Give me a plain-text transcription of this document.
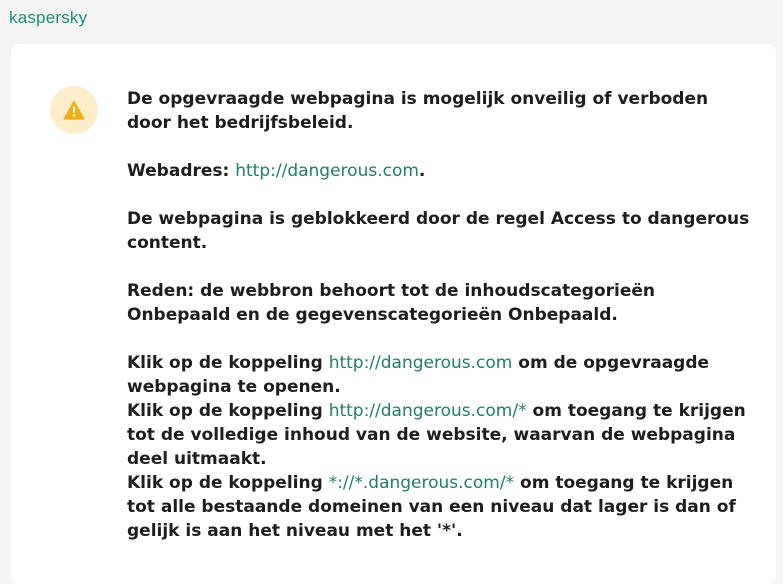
kaspersky

De opgevraagde webpagina is mogelijk onveilig of verboden door het bedrijfsbeleid.

Webadres: http://dangerous.com.

De webpagina is geblokkeerd door de regel Access to dangerous content.

Reden: de webbron behoort tot de inhoudscategorieën Onbepaald en de gegevenscategorieën Onbepaald.

Klik op de koppeling http://dangerous.com om de opgevraagde webpagina te openen.
Klik op de koppeling http://dangerous.com/* om toegang te krijgen tot de volledige inhoud van de website, waarvan de webpagina deel uitmaakt.
Klik op de koppeling *://*.dangerous.com/* om toegang te krijgen tot alle bestaande domeinen van een niveau dat lager is dan of gelijk is aan het niveau met het '*'.
